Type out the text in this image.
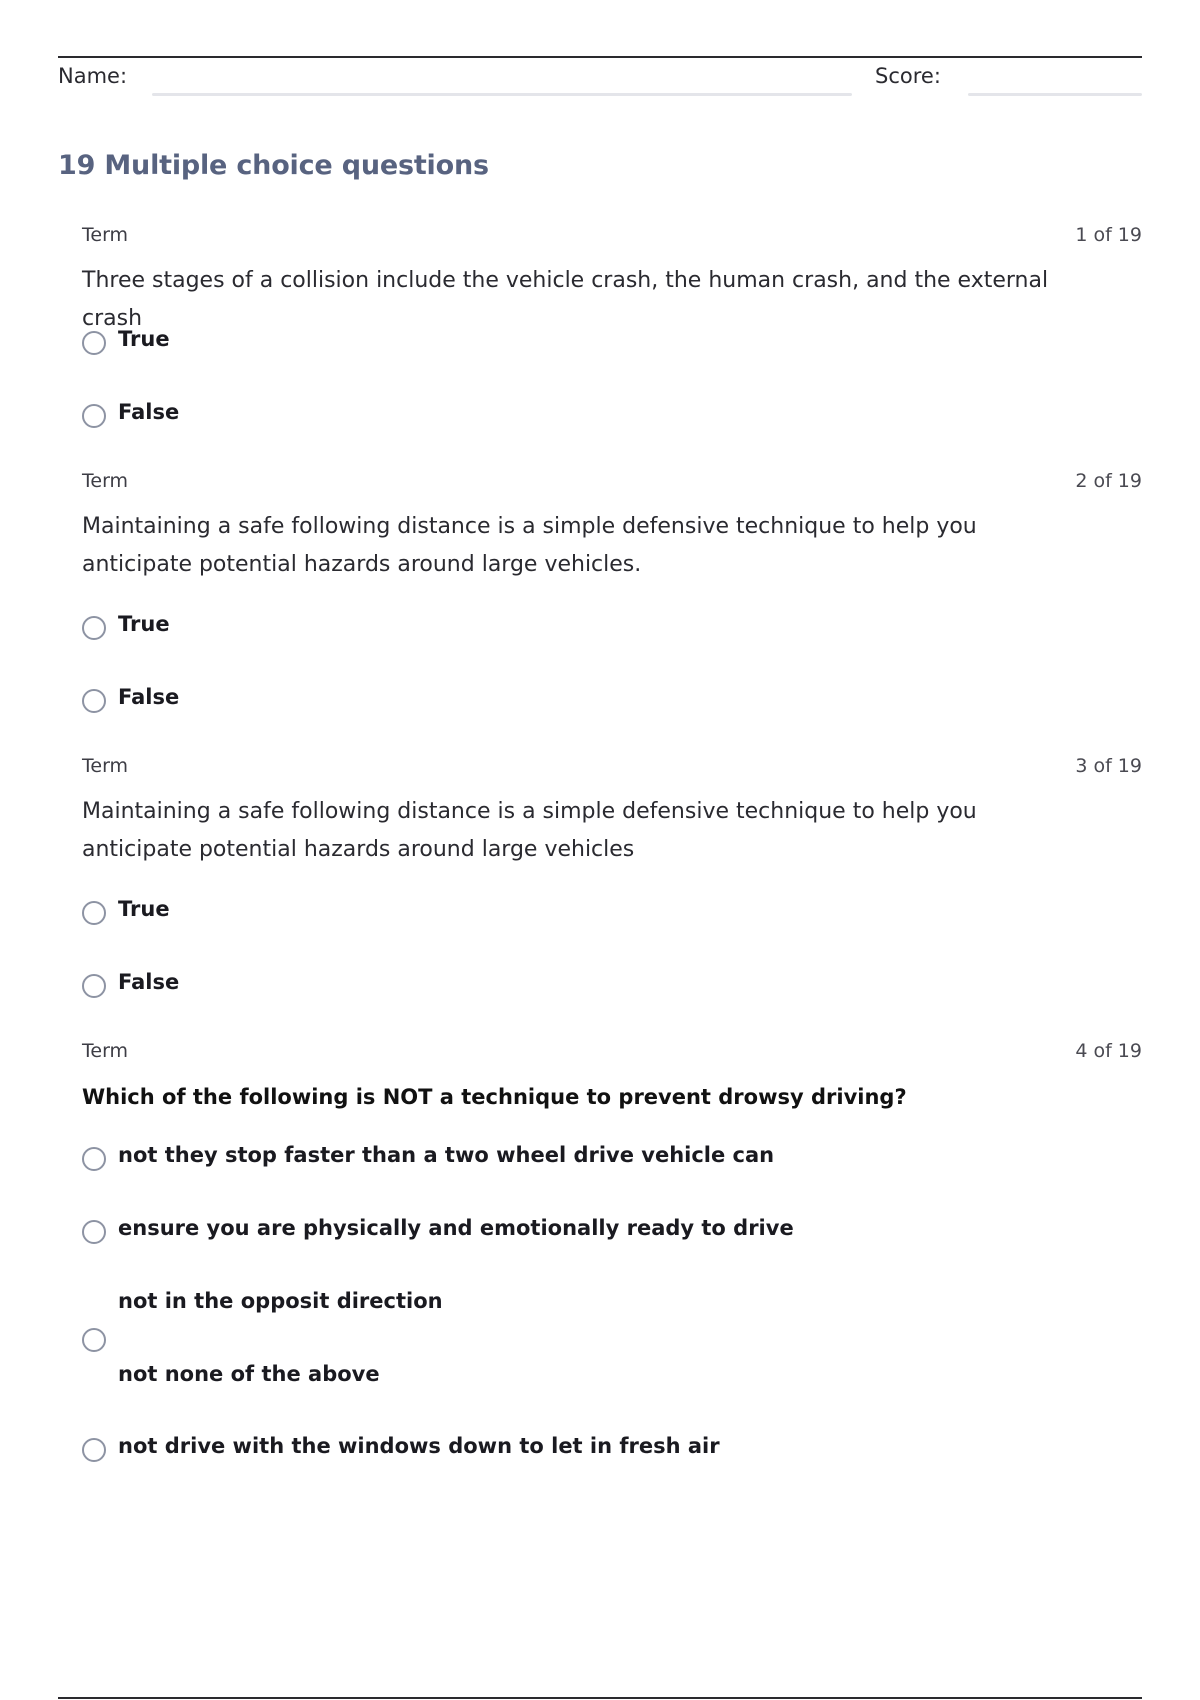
Name:	Score:
19 Multiple choice questions
Term	1 of 19
Three stages of a collision include the vehicle crash, the human crash, and the external crash
True
False
Term	2 of 19
Maintaining a safe following distance is a simple defensive technique to help you anticipate potential hazards around large vehicles.
True
False
Term	3 of 19
Maintaining a safe following distance is a simple defensive technique to help you anticipate potential hazards around large vehicles
True
False
Term	4 of 19
Which of the following is NOT a technique to prevent drowsy driving?
not they stop faster than a two wheel drive vehicle can
ensure you are physically and emotionally ready to drive
not in the opposit direction
not none of the above
not drive with the windows down to let in fresh air
